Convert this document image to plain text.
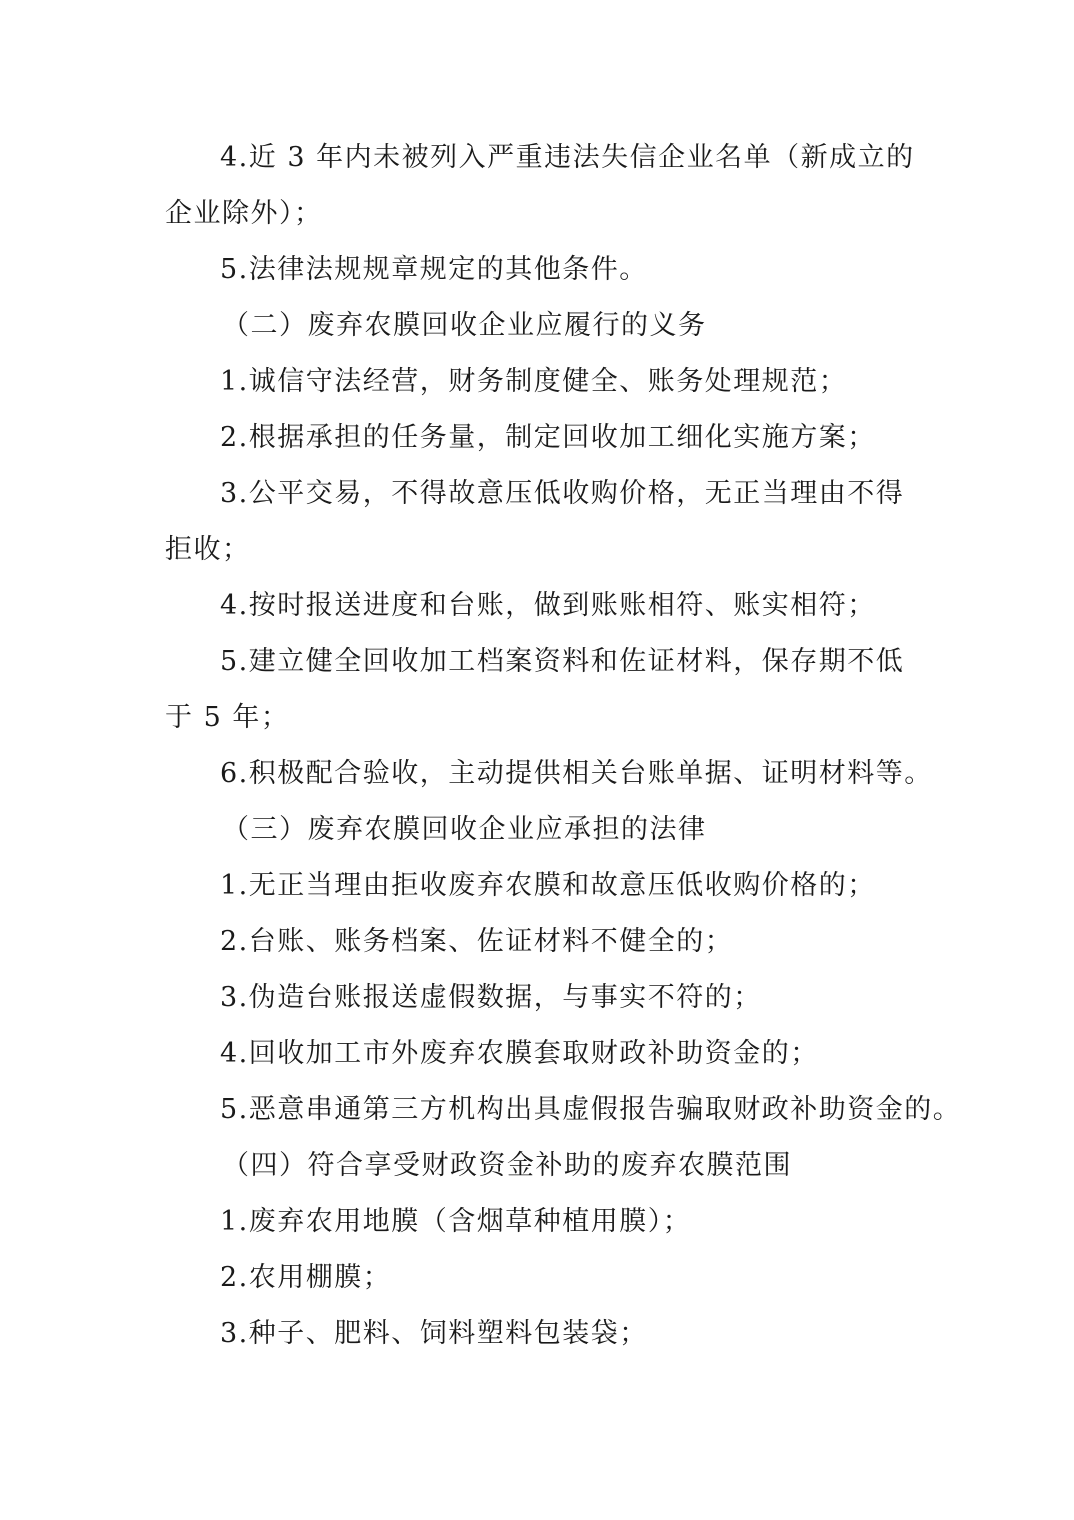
4.近 3 年内未被列入严重违法失信企业名单（新成立的
企业除外）；
5.法律法规规章规定的其他条件。
（二）废弃农膜回收企业应履行的义务
1.诚信守法经营，财务制度健全、账务处理规范；
2.根据承担的任务量，制定回收加工细化实施方案；
3.公平交易，不得故意压低收购价格，无正当理由不得
拒收；
4.按时报送进度和台账，做到账账相符、账实相符；
5.建立健全回收加工档案资料和佐证材料，保存期不低
于 5 年；
6.积极配合验收，主动提供相关台账单据、证明材料等。
（三）废弃农膜回收企业应承担的法律
1.无正当理由拒收废弃农膜和故意压低收购价格的；
2.台账、账务档案、佐证材料不健全的；
3.伪造台账报送虚假数据，与事实不符的；
4.回收加工市外废弃农膜套取财政补助资金的；
5.恶意串通第三方机构出具虚假报告骗取财政补助资金的。
（四）符合享受财政资金补助的废弃农膜范围
1.废弃农用地膜（含烟草种植用膜）；
2.农用棚膜；
3.种子、肥料、饲料塑料包装袋；
